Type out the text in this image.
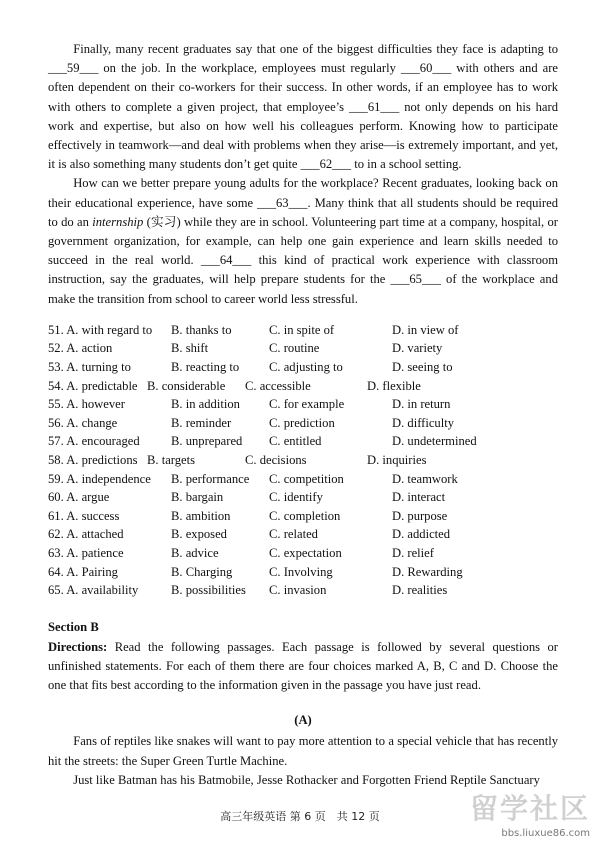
Finally, many recent graduates say that one of the biggest difficulties they face is adapting to ___59___ on the job. In the workplace, employees must regularly ___60___ with others and are often dependent on their co-workers for their success. In other words, if an employee has to work with others to complete a given project, that employee’s ___61___ not only depends on his hard work and expertise, but also on how well his colleagues perform. Knowing how to participate effectively in teamwork—and deal with problems when they arise—is extremely important, and yet, it is also something many students don’t get quite ___62___ to in a school setting.

How can we better prepare young adults for the workplace? Recent graduates, looking back on their educational experience, have some ___63___. Many think that all students should be required to do an internship (实习) while they are in school. Volunteering part time at a company, hospital, or government organization, for example, can help one gain experience and learn skills needed to succeed in the real world. ___64___ this kind of practical work experience with classroom instruction, say the graduates, will help prepare students for the ___65___ of the workplace and make the transition from school to career world less stressful.

51. A. with regard to	B. thanks to	C. in spite of	D. in view of
52. A. action	B. shift	C. routine	D. variety
53. A. turning to	B. reacting to	C. adjusting to	D. seeing to
54. A. predictable B. considerable	C. accessible	D. flexible
55. A. however	B. in addition	C. for example	D. in return
56. A. change	B. reminder	C. prediction	D. difficulty
57. A. encouraged	B. unprepared	C. entitled	D. undetermined
58. A. predictions B. targets	C. decisions	D. inquiries
59. A. independence	B. performance	C. competition	D. teamwork
60. A. argue	B. bargain	C. identify	D. interact
61. A. success	B. ambition	C. completion	D. purpose
62. A. attached	B. exposed	C. related	D. addicted
63. A. patience	B. advice	C. expectation	D. relief
64. A. Pairing	B. Charging	C. Involving	D. Rewarding
65. A. availability	B. possibilities	C. invasion	D. realities

Section B

Directions: Read the following passages. Each passage is followed by several questions or unfinished statements. For each of them there are four choices marked A, B, C and D. Choose the one that fits best according to the information given in the passage you have just read.

(A)

Fans of reptiles like snakes will want to pay more attention to a special vehicle that has recently hit the streets: the Super Green Turtle Machine.

Just like Batman has his Batmobile, Jesse Rothacker and Forgotten Friend Reptile Sanctuary

高三年级英语 第 6 页　共 12 页	留学社区
bbs.liuxue86.com
